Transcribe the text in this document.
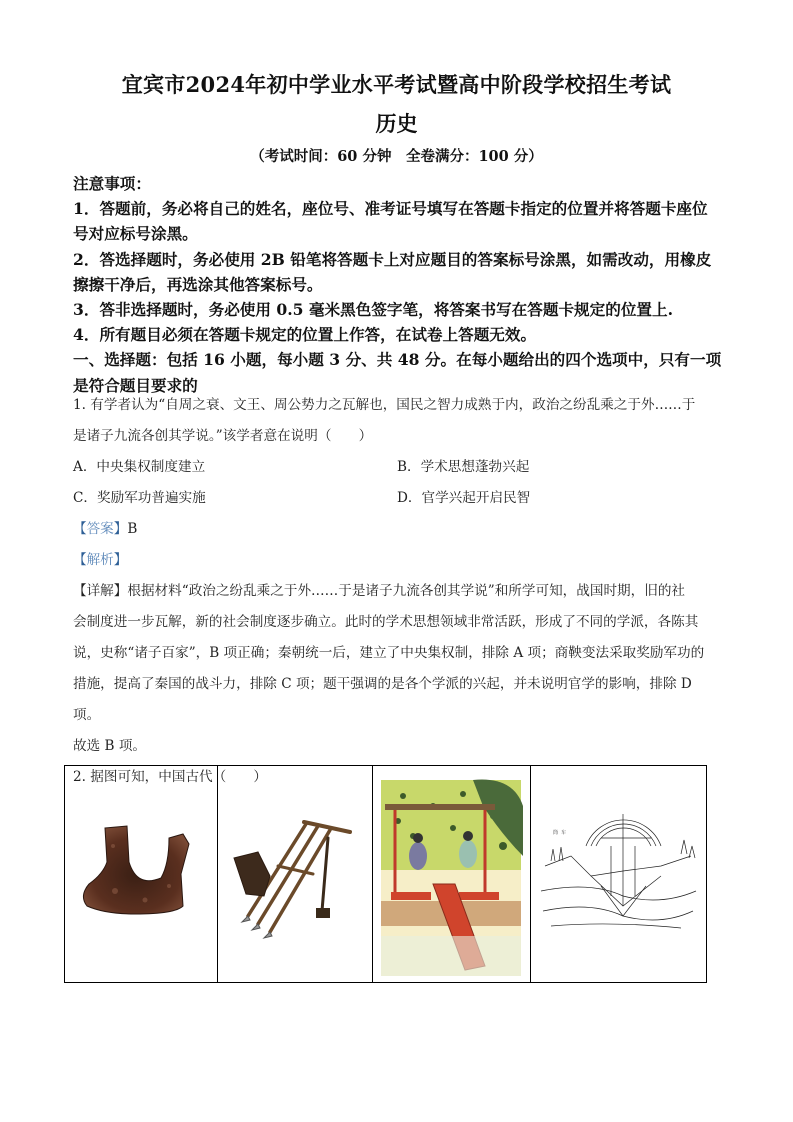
宜宾市2024年初中学业水平考试暨高中阶段学校招生考试
历史
（考试时间：60 分钟　全卷满分：100 分）

注意事项：

1．答题前，务必将自己的姓名，座位号、准考证号填写在答题卡指定的位置并将答题卡座位号对应标号涂黑。

2．答选择题时，务必使用 2B 铅笔将答题卡上对应题目的答案标号涂黑，如需改动，用橡皮擦擦干净后，再选涂其他答案标号。

3．答非选择题时，务必使用 0.5 毫米黑色签字笔，将答案书写在答题卡规定的位置上.

4．所有题目必须在答题卡规定的位置上作答，在试卷上答题无效。

一、选择题：包括 16 小题，每小题 3 分、共 48 分。在每小题给出的四个选项中，只有一项是符合题目要求的

1. 有学者认为“自周之衰、文王、周公势力之瓦解也，国民之智力成熟于内，政治之纷乱乘之于外……于

是诸子九流各创其学说。”该学者意在说明（　　）

A．中央集权制度建立	B．学术思想蓬勃兴起
C．奖励军功普遍实施	D．官学兴起开启民智

【答案】B

【解析】

【详解】根据材料“政治之纷乱乘之于外……于是诸子九流各创其学说”和所学可知，战国时期，旧的社

会制度进一步瓦解，新的社会制度逐步确立。此时的学术思想领域非常活跃，形成了不同的学派，各陈其

说，史称“诸子百家”，B 项正确；秦朝统一后，建立了中央集权制，排除 A 项；商鞅变法采取奖励军功的

措施，提高了秦国的战斗力，排除 C 项；题干强调的是各个学派的兴起，并未说明官学的影响，排除 D 项。

故选 B 项。

2. 据图可知，中国古代（　　）

筒 车
